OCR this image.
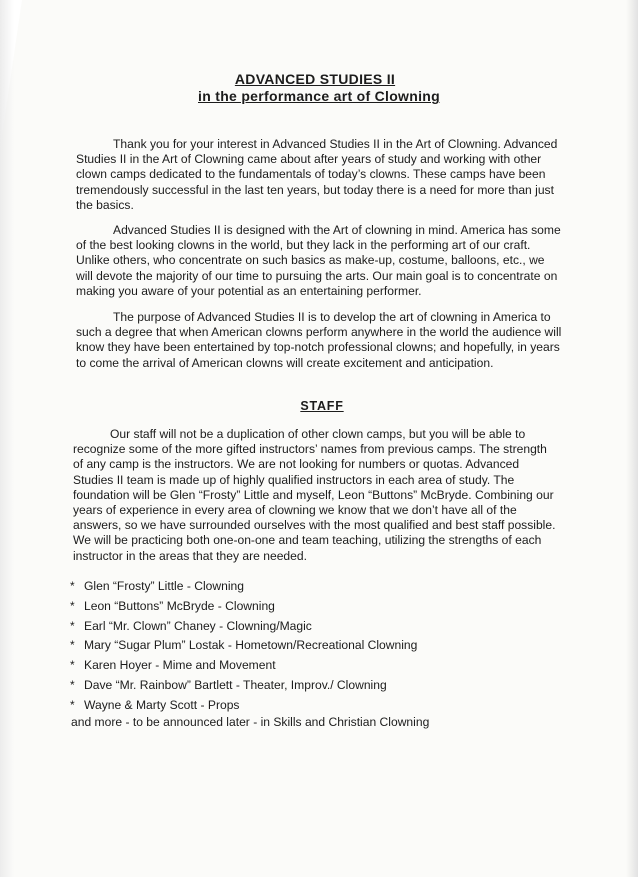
ADVANCED STUDIES II
in the performance art of Clowning

Thank you for your interest in Advanced Studies II in the Art of Clowning. Advanced Studies II in the Art of Clowning came about after years of study and working with other clown camps dedicated to the fundamentals of today’s clowns. These camps have been tremendously successful in the last ten years, but today there is a need for more than just the basics.

Advanced Studies II is designed with the Art of clowning in mind. America has some of the best looking clowns in the world, but they lack in the performing art of our craft. Unlike others, who concentrate on such basics as make-up, costume, balloons, etc., we will devote the majority of our time to pursuing the arts. Our main goal is to concentrate on making you aware of your potential as an entertaining performer.

The purpose of Advanced Studies II is to develop the art of clowning in America to such a degree that when American clowns perform anywhere in the world the audience will know they have been entertained by top-notch professional clowns; and hopefully, in years to come the arrival of American clowns will create excitement and anticipation.

STAFF

Our staff will not be a duplication of other clown camps, but you will be able to recognize some of the more gifted instructors’ names from previous camps. The strength of any camp is the instructors. We are not looking for numbers or quotas. Advanced Studies II team is made up of highly qualified instructors in each area of study. The foundation will be Glen “Frosty” Little and myself, Leon “Buttons” McBryde. Combining our years of experience in every area of clowning we know that we don’t have all of the answers, so we have surrounded ourselves with the most qualified and best staff possible. We will be practicing both one-on-one and team teaching, utilizing the strengths of each instructor in the areas that they are needed.

* Glen “Frosty” Little - Clowning
* Leon “Buttons” McBryde - Clowning
* Earl “Mr. Clown” Chaney - Clowning/Magic
* Mary “Sugar Plum” Lostak - Hometown/Recreational Clowning
* Karen Hoyer - Mime and Movement
* Dave “Mr. Rainbow” Bartlett - Theater, Improv./ Clowning
* Wayne & Marty Scott - Props
and more - to be announced later - in Skills and Christian Clowning
